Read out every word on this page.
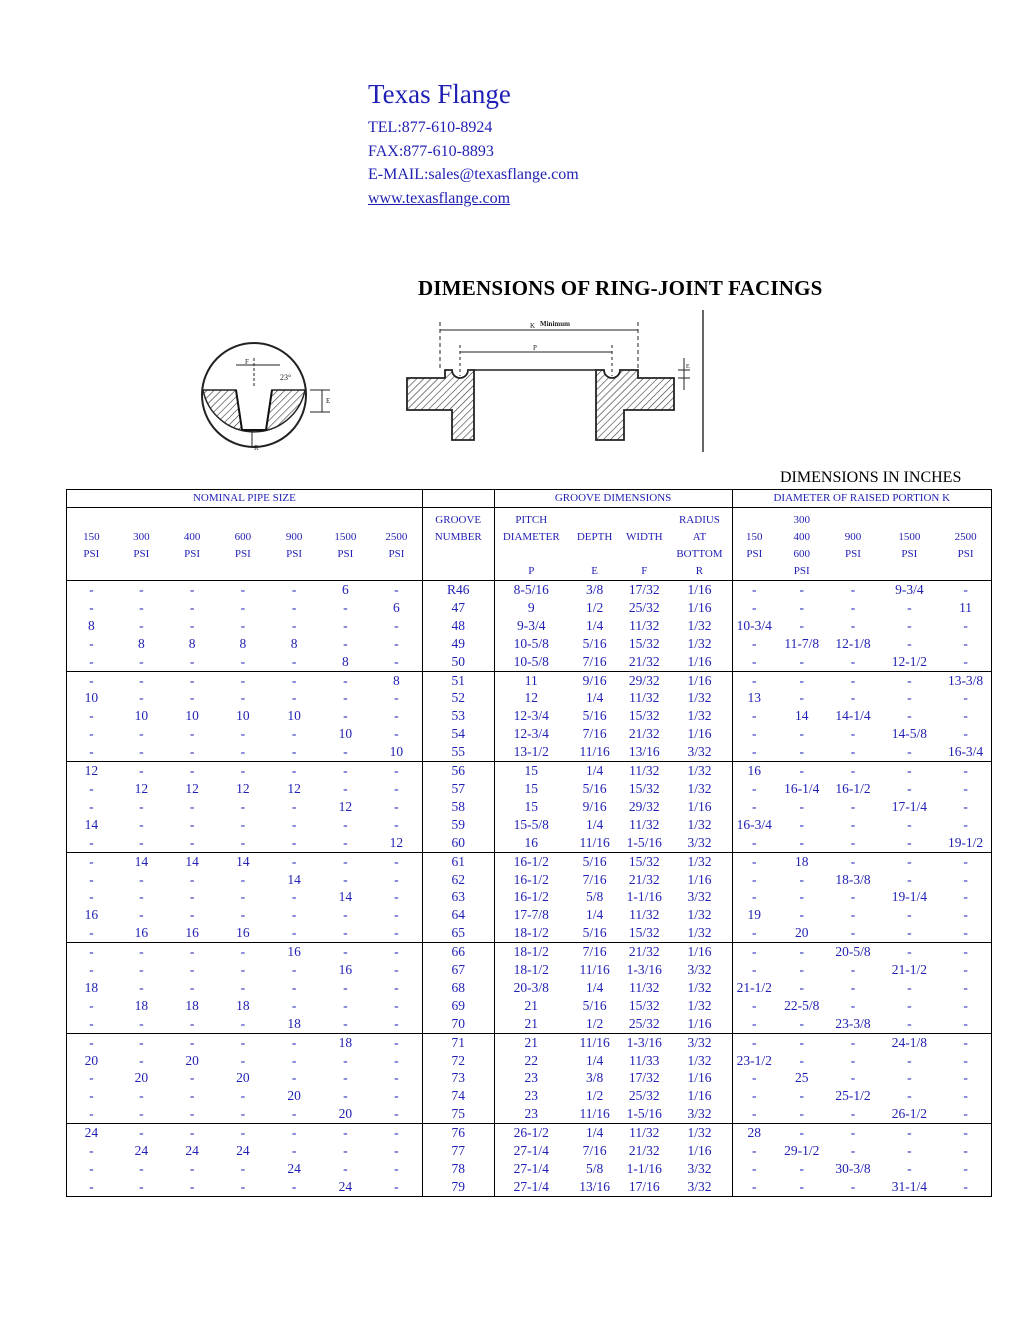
Texas Flange
TEL:877-610-8924
FAX:877-610-8893
E-MAIL:sales@texasflange.com
www.texasflange.com
DIMENSIONS OF RING-JOINT FACINGS
F
23°
E
R
Minimum
K
P
E
DIMENSIONS IN INCHES
NOMINAL PIPE SIZE								GROOVE DIMENSIONS				DIAMETER OF RAISED PORTION K				
							GROOVE	PITCH			RADIUS		300			
150	300	400	600	900	1500	2500	NUMBER	DIAMETER	DEPTH	WIDTH	AT	150	400	900	1500	2500
PSI	PSI	PSI	PSI	PSI	PSI	PSI					BOTTOM	PSI	600	PSI	PSI	PSI
								P	E	F	R		PSI			
-	-	-	-	-	6	-	R46	8-5/16	3/8	17/32	1/16	-	-	-	9-3/4	-
-	-	-	-	-	-	6	47	9	1/2	25/32	1/16	-	-	-	-	11
8	-	-	-	-	-	-	48	9-3/4	1/4	11/32	1/32	10-3/4	-	-	-	-
-	8	8	8	8	-	-	49	10-5/8	5/16	15/32	1/32	-	11-7/8	12-1/8	-	-
-	-	-	-	-	8	-	50	10-5/8	7/16	21/32	1/16	-	-	-	12-1/2	-
-	-	-	-	-	-	8	51	11	9/16	29/32	1/16	-	-	-	-	13-3/8
10	-	-	-	-	-	-	52	12	1/4	11/32	1/32	13	-	-	-	-
-	10	10	10	10	-	-	53	12-3/4	5/16	15/32	1/32	-	14	14-1/4	-	-
-	-	-	-	-	10	-	54	12-3/4	7/16	21/32	1/16	-	-	-	14-5/8	-
-	-	-	-	-	-	10	55	13-1/2	11/16	13/16	3/32	-	-	-	-	16-3/4
12	-	-	-	-	-	-	56	15	1/4	11/32	1/32	16	-	-	-	-
-	12	12	12	12	-	-	57	15	5/16	15/32	1/32	-	16-1/4	16-1/2	-	-
-	-	-	-	-	12	-	58	15	9/16	29/32	1/16	-	-	-	17-1/4	-
14	-	-	-	-	-	-	59	15-5/8	1/4	11/32	1/32	16-3/4	-	-	-	-
-	-	-	-	-	-	12	60	16	11/16	1-5/16	3/32	-	-	-	-	19-1/2
-	14	14	14	-	-	-	61	16-1/2	5/16	15/32	1/32	-	18	-	-	-
-	-	-	-	14	-	-	62	16-1/2	7/16	21/32	1/16	-	-	18-3/8	-	-
-	-	-	-	-	14	-	63	16-1/2	5/8	1-1/16	3/32	-	-	-	19-1/4	-
16	-	-	-	-	-	-	64	17-7/8	1/4	11/32	1/32	19	-	-	-	-
-	16	16	16	-	-	-	65	18-1/2	5/16	15/32	1/32	-	20	-	-	-
-	-	-	-	16	-	-	66	18-1/2	7/16	21/32	1/16	-	-	20-5/8	-	-
-	-	-	-	-	16	-	67	18-1/2	11/16	1-3/16	3/32	-	-	-	21-1/2	-
18	-	-	-	-	-	-	68	20-3/8	1/4	11/32	1/32	21-1/2	-	-	-	-
-	18	18	18	-	-	-	69	21	5/16	15/32	1/32	-	22-5/8	-	-	-
-	-	-	-	18	-	-	70	21	1/2	25/32	1/16	-	-	23-3/8	-	-
-	-	-	-	-	18	-	71	21	11/16	1-3/16	3/32	-	-	-	24-1/8	-
20	-	20	-	-	-	-	72	22	1/4	11/33	1/32	23-1/2	-	-	-	-
-	20	-	20	-	-	-	73	23	3/8	17/32	1/16	-	25	-	-	-
-	-	-	-	20	-	-	74	23	1/2	25/32	1/16	-	-	25-1/2	-	-
-	-	-	-	-	20	-	75	23	11/16	1-5/16	3/32	-	-	-	26-1/2	-
24	-	-	-	-	-	-	76	26-1/2	1/4	11/32	1/32	28	-	-	-	-
-	24	24	24	-	-	-	77	27-1/4	7/16	21/32	1/16	-	29-1/2	-	-	-
-	-	-	-	24	-	-	78	27-1/4	5/8	1-1/16	3/32	-	-	30-3/8	-	-
-	-	-	-	-	24	-	79	27-1/4	13/16	17/16	3/32	-	-	-	31-1/4	-
